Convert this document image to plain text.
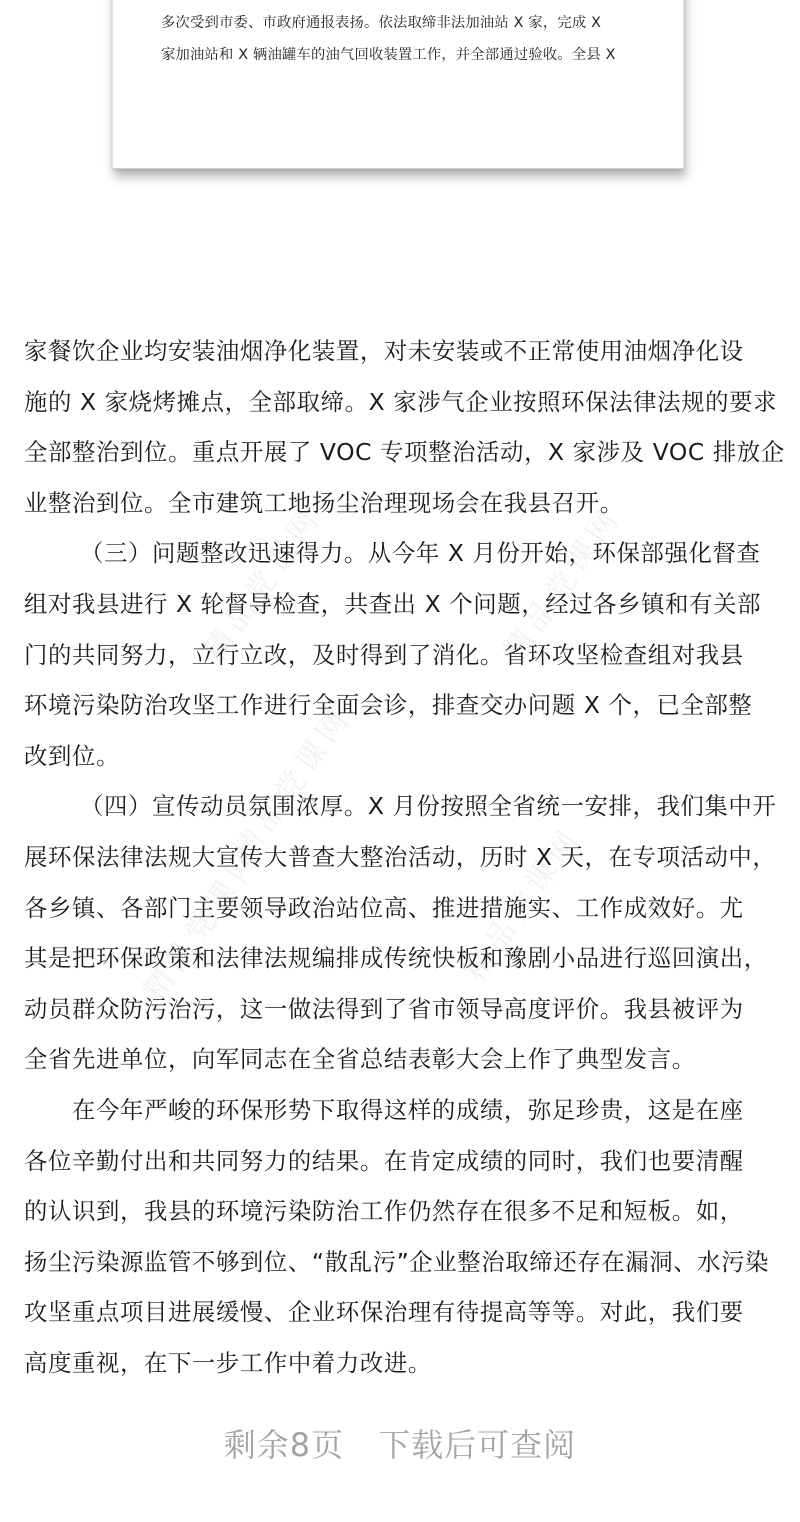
多次受到市委、市政府通报表扬。依法取缔非法加油站 X 家，完成 X
家加油站和 X 辆油罐车的油气回收装置工作，并全部通过验收。全县 X
精品党课网	精品党课网
精品党课网
精品党课网	精品党课网
家餐饮企业均安装油烟净化装置，对未安装或不正常使用油烟净化设
施的 X 家烧烤摊点，全部取缔。X 家涉气企业按照环保法律法规的要求
全部整治到位。重点开展了 VOC 专项整治活动，X 家涉及 VOC 排放企
业整治到位。全市建筑工地扬尘治理现场会在我县召开。
（三）问题整改迅速得力。从今年 X 月份开始，环保部强化督查
组对我县进行 X 轮督导检查，共查出 X 个问题，经过各乡镇和有关部
门的共同努力，立行立改，及时得到了消化。省环攻坚检查组对我县
环境污染防治攻坚工作进行全面会诊，排查交办问题 X 个，已全部整
改到位。
（四）宣传动员氛围浓厚。X 月份按照全省统一安排，我们集中开
展环保法律法规大宣传大普查大整治活动，历时 X 天，在专项活动中，
各乡镇、各部门主要领导政治站位高、推进措施实、工作成效好。尤
其是把环保政策和法律法规编排成传统快板和豫剧小品进行巡回演出，
动员群众防污治污，这一做法得到了省市领导高度评价。我县被评为
全省先进单位，向军同志在全省总结表彰大会上作了典型发言。
在今年严峻的环保形势下取得这样的成绩，弥足珍贵，这是在座
各位辛勤付出和共同努力的结果。在肯定成绩的同时，我们也要清醒
的认识到，我县的环境污染防治工作仍然存在很多不足和短板。如，
扬尘污染源监管不够到位、“散乱污”企业整治取缔还存在漏洞、水污染
攻坚重点项目进展缓慢、企业环保治理有待提高等等。对此，我们要
高度重视，在下一步工作中着力改进。
剩余8页 下载后可查阅
